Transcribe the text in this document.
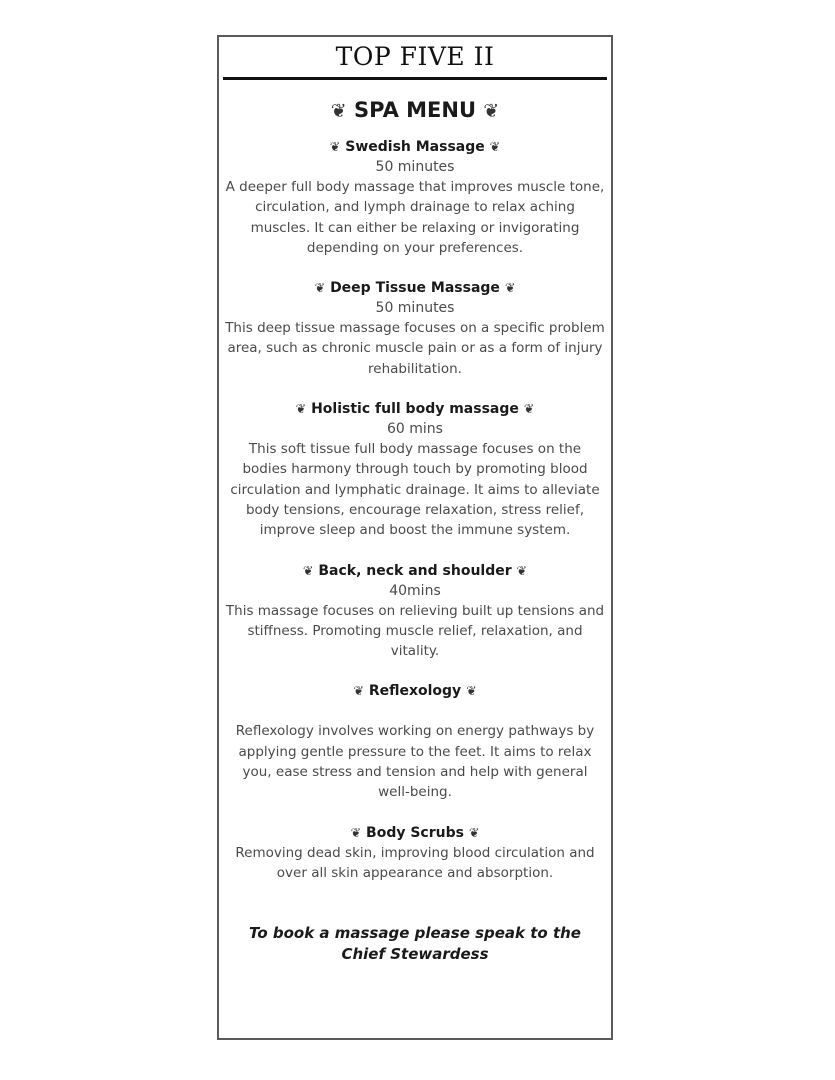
TOP FIVE II
❦ SPA MENU ❦
❦ Swedish Massage ❦
50 minutes
A deeper full body massage that improves muscle tone, circulation, and lymph drainage to relax aching muscles. It can either be relaxing or invigorating depending on your preferences.
❦ Deep Tissue Massage ❦
50 minutes
This deep tissue massage focuses on a specific problem area, such as chronic muscle pain or as a form of injury rehabilitation.
❦ Holistic full body massage ❦
60 mins
This soft tissue full body massage focuses on the bodies harmony through touch by promoting blood circulation and lymphatic drainage. It aims to alleviate body tensions, encourage relaxation, stress relief, improve sleep and boost the immune system.
❦ Back, neck and shoulder ❦
40mins
This massage focuses on relieving built up tensions and stiffness. Promoting muscle relief, relaxation, and vitality.
❦ Reflexology ❦
Reflexology involves working on energy pathways by applying gentle pressure to the feet. It aims to relax you, ease stress and tension and help with general well-being.
❦ Body Scrubs ❦
Removing dead skin, improving blood circulation and over all skin appearance and absorption.
To book a massage please speak to the Chief Stewardess
